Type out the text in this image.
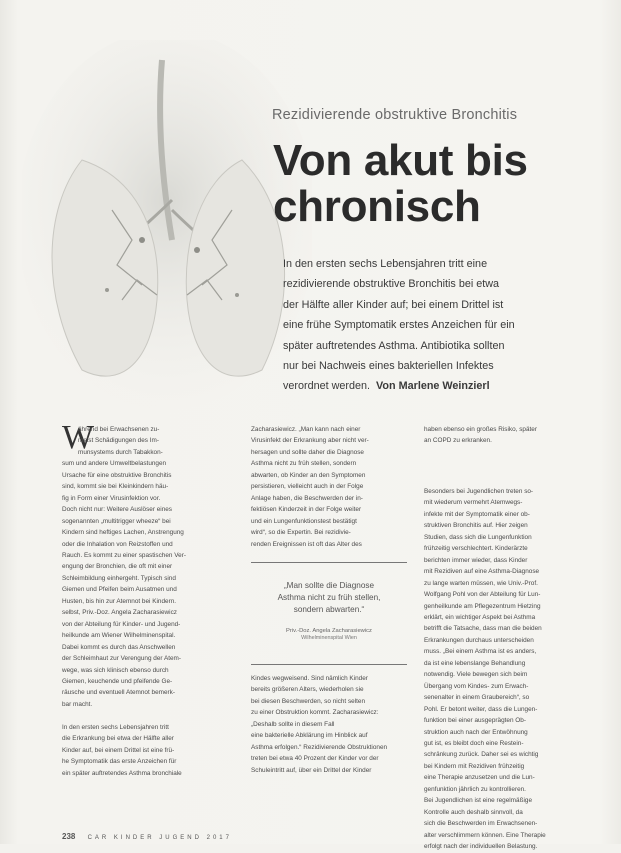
Rezidivierende obstruktive Bronchitis
Von akut bis
chronisch
In den ersten sechs Lebensjahren tritt eine
rezidivierende obstruktive Bronchitis bei etwa
der Hälfte aller Kinder auf; bei einem Drittel ist
eine frühe Symptomatik erstes Anzeichen für ein
später auftretendes Asthma. Antibiotika sollten
nur bei Nachweis eines bakteriellen Infektes
verordnet werden. Von Marlene Weinzierl
W
ährend bei Erwachsenen zu-
meist Schädigungen des Im-
munsystems durch Tabakkon-
sum und andere Umweltbelastungen
Ursache für eine obstruktive Bronchitis
sind, kommt sie bei Kleinkindern häu-
fig in Form einer Virusinfektion vor.
Doch nicht nur: Weitere Auslöser eines
sogenannten „multitrigger wheeze“ bei
Kindern sind heftiges Lachen, Anstrengung
oder die Inhalation von Reizstoffen und
Rauch. Es kommt zu einer spastischen Ver-
engung der Bronchien, die oft mit einer
Schleimbildung einhergeht. Typisch sind
Giemen und Pfeifen beim Ausatmen und
Husten, bis hin zur Atemnot bei Kindern.
selbst, Priv.-Doz. Angela Zacharasiewicz
von der Abteilung für Kinder- und Jugend-
heilkunde am Wiener Wilhelminenspital.
Dabei kommt es durch das Anschwellen
der Schleimhaut zur Verengung der Atem-
wege, was sich klinisch ebenso durch
Giemen, keuchende und pfeifende Ge-
räusche und eventuell Atemnot bemerk-
bar macht.
In den ersten sechs Lebensjahren tritt
die Erkrankung bei etwa der Hälfte aller
Kinder auf, bei einem Drittel ist eine frü-
he Symptomatik das erste Anzeichen für
ein später auftretendes Asthma bronchiale
Zacharasiewicz. „Man kann nach einer
Virusinfekt der Erkrankung aber nicht ver-
hersagen und sollte daher die Diagnose
Asthma nicht zu früh stellen, sondern
abwarten, ob Kinder an den Symptomen
persistieren, vielleicht auch in der Folge
Anlage haben, die Beschwerden der in-
fektiösen Kinderzeit in der Folge weiter
und ein Lungenfunktionstest bestätigt
wird“, so die Expertin. Bei rezidivie-
renden Ereignissen ist oft das Alter des
„Man sollte die Diagnose
Asthma nicht zu früh stellen,
sondern abwarten.“
Priv.-Doz. Angela Zacharasiewicz
Wilhelminenspital Wien
Kindes wegweisend. Sind nämlich Kinder
bereits größeren Alters, wiederholen sie
bei diesen Beschwerden, so nicht selten
zu einer Obstruktion kommt. Zacharasiewicz:
„Deshalb sollte in diesem Fall
eine bakterielle Abklärung im Hinblick auf
Asthma erfolgen.“ Rezidivierende Obstruktionen
treten bei etwa 40 Prozent der Kinder vor der
Schuleintritt auf, über ein Drittel der Kinder
haben ebenso ein großes Risiko, später
an COPD zu erkranken.
Besonders bei Jugendlichen treten so-
mit wiederum vermehrt Atemwegs-
infekte mit der Symptomatik einer ob-
struktiven Bronchitis auf. Hier zeigen
Studien, dass sich die Lungenfunktion
frühzeitig verschlechtert. Kinderärzte
berichten immer wieder, dass Kinder
mit Rezidiven auf eine Asthma-Diagnose
zu lange warten müssen, wie Univ.-Prof.
Wolfgang Pohl von der Abteilung für Lun-
genheilkunde am Pflegezentrum Hietzing
erklärt, ein wichtiger Aspekt bei Asthma
betrifft die Tatsache, dass man die beiden
Erkrankungen durchaus unterscheiden
muss. „Bei einem Asthma ist es anders,
da ist eine lebenslange Behandlung
notwendig. Viele bewegen sich beim
Übergang vom Kindes- zum Erwach-
senenalter in einem Graubereich“, so
Pohl. Er betont weiter, dass die Lungen-
funktion bei einer ausgeprägten Ob-
struktion auch nach der Entwöhnung
gut ist, es bleibt doch eine Restein-
schränkung zurück. Daher sei es wichtig
bei Kindern mit Rezidiven frühzeitig
eine Therapie anzusetzen und die Lun-
genfunktion jährlich zu kontrollieren.
Bei Jugendlichen ist eine regelmäßige
Kontrolle auch deshalb sinnvoll, da
sich die Beschwerden im Erwachsenen-
alter verschlimmern können. Eine Therapie
erfolgt nach der individuellen Belastung.
238 CAR KINDER JUGEND 2017
